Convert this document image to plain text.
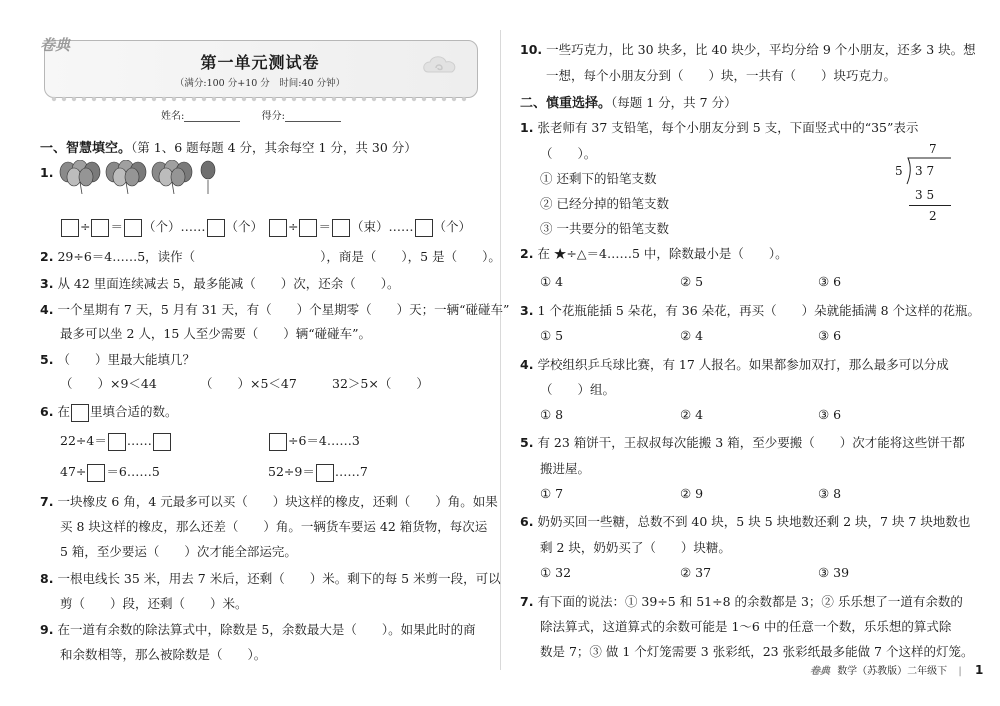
卷典
第一单元测试卷
（满分:100 分+10 分　时间:40 分钟）
姓名:	得分:
一、智慧填空。（第 1、6 题每题 4 分，其余每空 1 分，共 30 分）
1.
÷ ＝ （个）…… （个）	÷ ＝ （束）…… （个）
2. 29÷6＝4……5，读作（　　　　　　　　　　），商是（　　），5 是（　　）。
3. 从 42 里面连续减去 5，最多能减（　　）次，还余（　　）。
4. 一个星期有 7 天，5 月有 31 天，有（　　）个星期零（　　）天；一辆“碰碰车”
最多可以坐 2 人，15 人至少需要（　　）辆“碰碰车”。
5. （　　）里最大能填几？
（　　）×9＜44	（　　）×5＜47	32＞5×（　　）
6. 在 里填合适的数。
22÷4＝ ……	÷6＝4……3
47÷ ＝6……5	52÷9＝ ……7
7. 一块橡皮 6 角，4 元最多可以买（　　）块这样的橡皮，还剩（　　）角。如果
买 8 块这样的橡皮，那么还差（　　）角。一辆货车要运 42 箱货物，每次运
5 箱，至少要运（　　）次才能全部运完。
8. 一根电线长 35 米，用去 7 米后，还剩（　　）米。剩下的每 5 米剪一段，可以
剪（　　）段，还剩（　　）米。
9. 在一道有余数的除法算式中，除数是 5，余数最大是（　　）。如果此时的商
和余数相等，那么被除数是（　　）。
10. 一些巧克力，比 30 块多，比 40 块少，平均分给 9 个小朋友，还多 3 块。想
一想，每个小朋友分到（　　）块，一共有（　　）块巧克力。
二、慎重选择。（每题 1 分，共 7 分）
1. 张老师有 37 支铅笔，每个小朋友分到 5 支，下面竖式中的“35”表示
（　　）。
① 还剩下的铅笔支数
② 已经分掉的铅笔支数
③ 一共要分的铅笔支数
2. 在 ★÷△＝4……5 中，除数最小是（　　）。
① 4	② 5	③ 6
3. 1 个花瓶能插 5 朵花，有 36 朵花，再买（　　）朵就能插满 8 个这样的花瓶。
① 5	② 4	③ 6
4. 学校组织乒乓球比赛，有 17 人报名。如果都参加双打，那么最多可以分成
（　　）组。
① 8	② 4	③ 6
5. 有 23 箱饼干，王叔叔每次能搬 3 箱，至少要搬（　　）次才能将这些饼干都
搬进屋。
① 7	② 9	③ 8
6. 奶奶买回一些糖，总数不到 40 块，5 块 5 块地数还剩 2 块，7 块 7 块地数也
剩 2 块，奶奶买了（　　）块糖。
① 32	② 37	③ 39
7. 有下面的说法：① 39÷5 和 51÷8 的余数都是 3；② 乐乐想了一道有余数的
除法算式，这道算式的余数可能是 1～6 中的任意一个数，乐乐想的算式除
数是 7；③ 做 1 个灯笼需要 3 张彩纸，23 张彩纸最多能做 7 个这样的灯笼。
7
5 3 7
3 5
2
卷典 数学（苏教版）二年级下 | 1
